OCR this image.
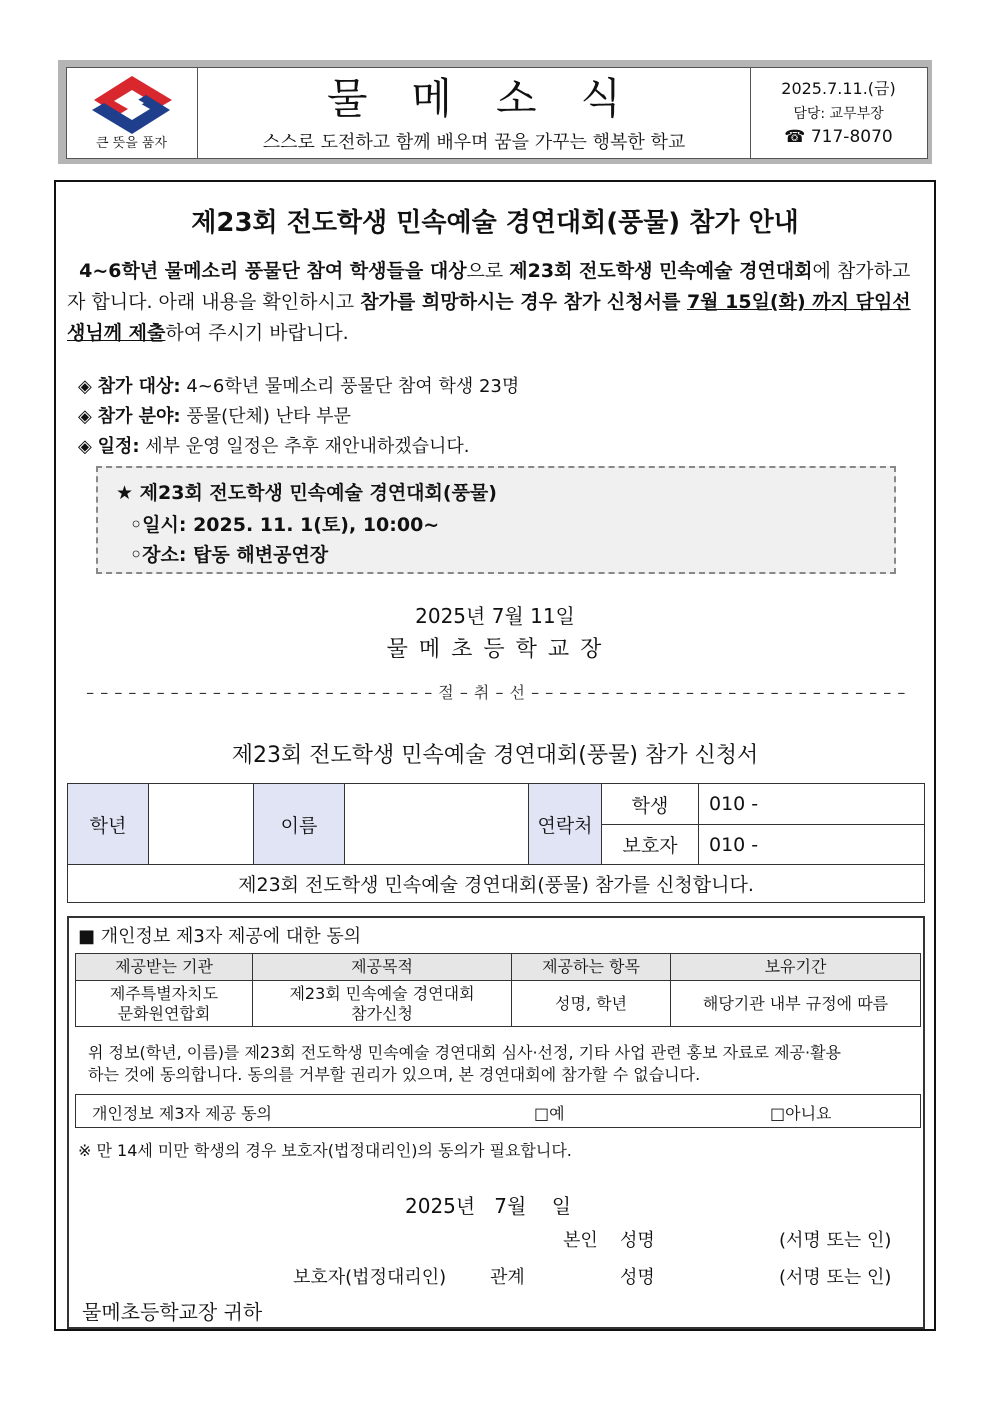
큰 뜻을 품자
물메소식
스스로 도전하고 함께 배우며 꿈을 가꾸는 행복한 학교
2025.7.11.(금)
담당: 교무부장
☎ 717-8070
제23회 전도학생 민속예술 경연대회(풍물) 참가 안내
4~6학년 물메소리 풍물단 참여 학생들을 대상으로 제23회 전도학생 민속예술 경연대회에 참가하고자 합니다. 아래 내용을 확인하시고 참가를 희망하시는 경우 참가 신청서를 7월 15일(화) 까지 담임선생님께 제출하여 주시기 바랍니다.
◈ 참가 대상: 4~6학년 물메소리 풍물단 참여 학생 23명
◈ 참가 분야: 풍물(단체) 난타 부문
◈ 일정: 세부 운영 일정은 추후 재안내하겠습니다.
★ 제23회 전도학생 민속예술 경연대회(풍물)
◦일시: 2025. 11. 1(토), 10:00~
◦장소: 탑동 해변공연장
2025년 7월 11일
물 메 초 등 학 교 장
– – – – – – – – – – – – – – – – – – – – – – – – – 절 – 취 – 선 – – – – – – – – – – – – – – – – – – – – – – – – – – –
제23회 전도학생 민속예술 경연대회(풍물) 참가 신청서
학년		이름		연락처	학생	010 -
					보호자	010 -
제23회 전도학생 민속예술 경연대회(풍물) 참가를 신청합니다.						
■ 개인정보 제3자 제공에 대한 동의
제공받는 기관	제공목적	제공하는 항목	보유기간
제주특별자치도
문화원연합회	제23회 민속예술 경연대회
참가신청	성명, 학년	해당기관 내부 규정에 따름
위 정보(학년, 이름)를 제23회 전도학생 민속예술 경연대회 심사·선정, 기타 사업 관련 홍보 자료로 제공·활용
하는 것에 동의합니다. 동의를 거부할 권리가 있으며, 본 경연대회에 참가할 수 없습니다.
개인정보 제3자 제공 동의	□예	□아니요
※ 만 14세 미만 학생의 경우 보호자(법정대리인)의 동의가 필요합니다.
2025년   7월    일
본인 성명	(서명 또는 인)
보호자(법정대리인) 관계	성명	(서명 또는 인)
물메초등학교장 귀하
